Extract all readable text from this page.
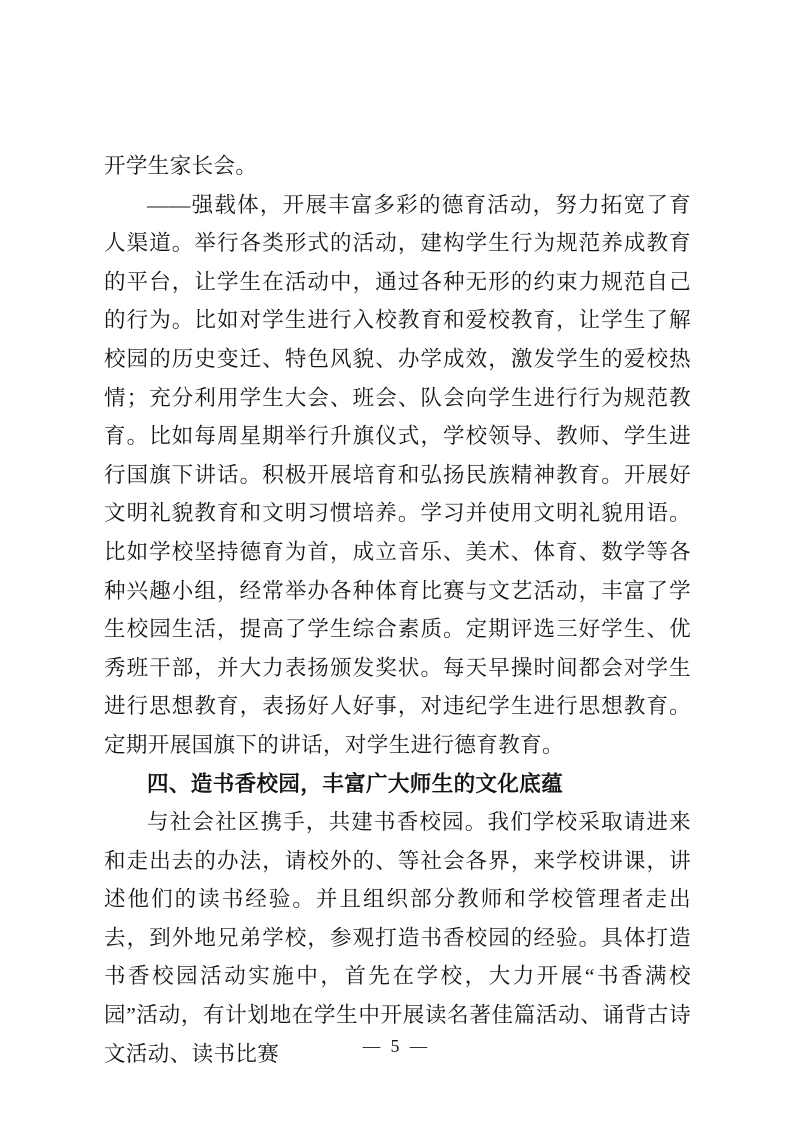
开学生家长会。

——强载体，开展丰富多彩的德育活动，努力拓宽了育人渠道。举行各类形式的活动，建构学生行为规范养成教育的平台，让学生在活动中，通过各种无形的约束力规范自己的行为。比如对学生进行入校教育和爱校教育，让学生了解校园的历史变迁、特色风貌、办学成效，激发学生的爱校热情；充分利用学生大会、班会、队会向学生进行行为规范教育。比如每周星期举行升旗仪式，学校领导、教师、学生进行国旗下讲话。积极开展培育和弘扬民族精神教育。开展好文明礼貌教育和文明习惯培养。学习并使用文明礼貌用语。比如学校坚持德育为首，成立音乐、美术、体育、数学等各种兴趣小组，经常举办各种体育比赛与文艺活动，丰富了学生校园生活，提高了学生综合素质。定期评选三好学生、优秀班干部，并大力表扬颁发奖状。每天早操时间都会对学生进行思想教育，表扬好人好事，对违纪学生进行思想教育。定期开展国旗下的讲话，对学生进行德育教育。

四、造书香校园，丰富广大师生的文化底蕴

与社会社区携手，共建书香校园。我们学校采取请进来和走出去的办法，请校外的、等社会各界，来学校讲课，讲述他们的读书经验。并且组织部分教师和学校管理者走出去，到外地兄弟学校，参观打造书香校园的经验。具体打造书香校园活动实施中，首先在学校，大力开展“书香满校园”活动，有计划地在学生中开展读名著佳篇活动、诵背古诗文活动、读书比赛	— 5 —
